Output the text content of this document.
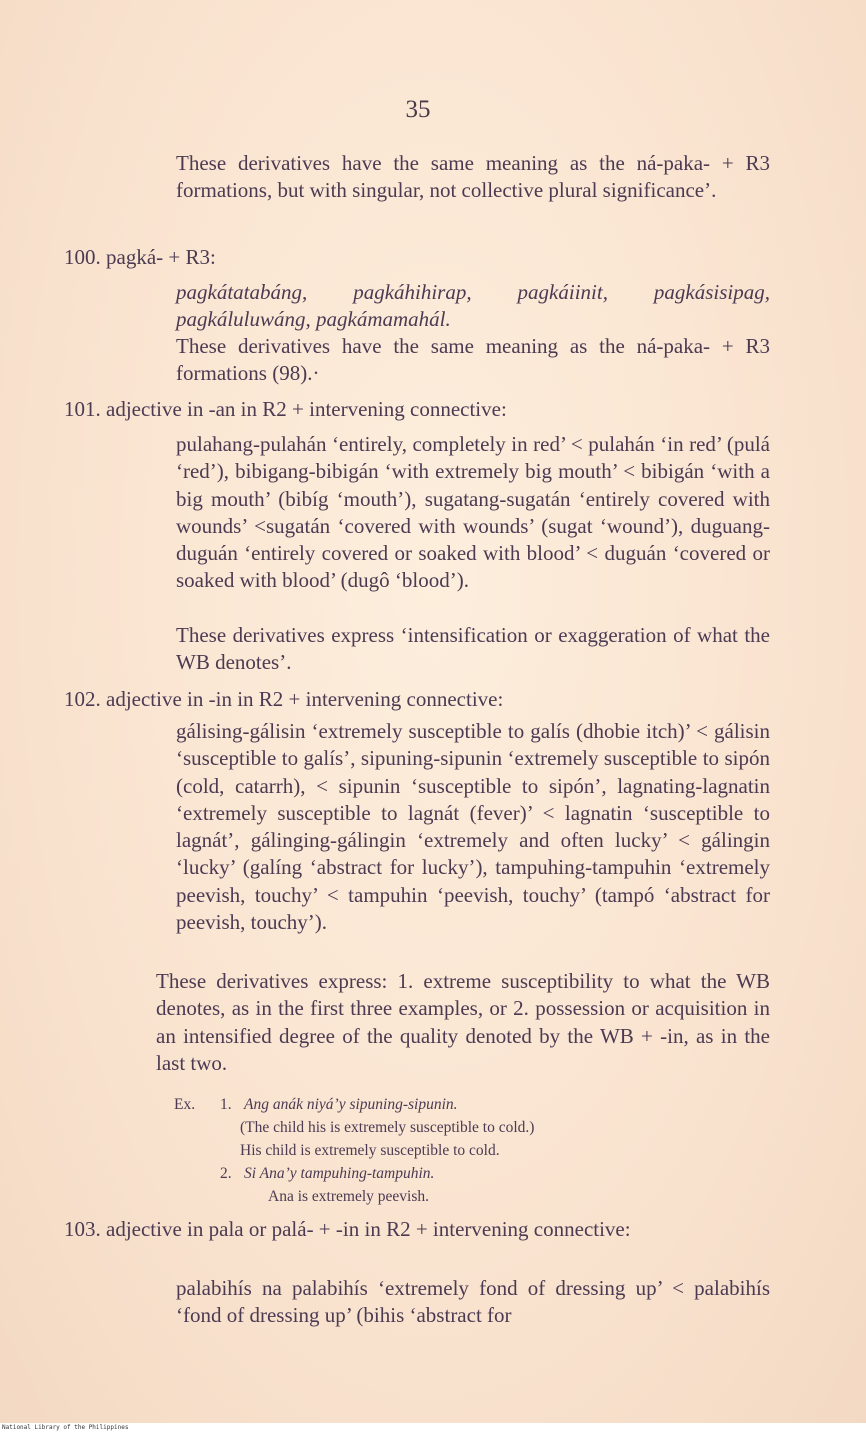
35
These derivatives have the same meaning as the ná-paka- + R3 formations, but with singular, not collective plural significance’.
100. pagká- + R3:
pagkátatabáng, pagkáhihirap, pagkáiinit, pagkásisipag, pagkáluluwáng, pagkámamahál.
These derivatives have the same meaning as the ná-paka- + R3 formations (98).·
101. adjective in -an in R2 + intervening connective:
pulahang-pulahán ‘entirely, completely in red’ < pulahán ‘in red’ (pulá ‘red’), bibigang-bibigán ‘with extremely big mouth’ < bibigán ‘with a big mouth’ (bibíg ‘mouth’), sugatang-sugatán ‘entirely covered with wounds’ <sugatán ‘covered with wounds’ (sugat ‘wound’), duguang-duguán ‘entirely covered or soaked with blood’ < duguán ‘covered or soaked with blood’ (dugô ‘blood’).
These derivatives express ‘intensification or exaggeration of what the WB denotes’.
102. adjective in -in in R2 + intervening connective:
gálising-gálisin ‘extremely susceptible to galís (dhobie itch)’ < gálisin ‘susceptible to galís’, sipuning-sipunin ‘extremely susceptible to sipón (cold, catarrh), < sipunin ‘susceptible to sipón’, lagnating-lagnatin ‘extremely susceptible to lagnát (fever)’ < lagnatin ‘susceptible to lagnát’, gálinging-gálingin ‘extremely and often lucky’ < gálingin ‘lucky’ (galíng ‘abstract for lucky’), tampuhing-tampuhin ‘extremely peevish, touchy’ < tampuhin ‘peevish, touchy’ (tampó ‘abstract for peevish, touchy’).
These derivatives express: 1. extreme susceptibility to what the WB denotes, as in the first three examples, or 2. possession or acquisition in an intensified degree of the quality denoted by the WB + -in, as in the last two.
Ex. 1. Ang anák niyá’y sipuning-sipunin.
(The child his is extremely susceptible to cold.)
His child is extremely susceptible to cold.
2. Si Ana’y tampuhing-tampuhin.
Ana is extremely peevish.
103. adjective in pala or palá- + -in in R2 + intervening connective:
palabihís na palabihís ‘extremely fond of dressing up’ < palabihís ‘fond of dressing up’ (bihis ‘abstract for
National Library of the Philippines
